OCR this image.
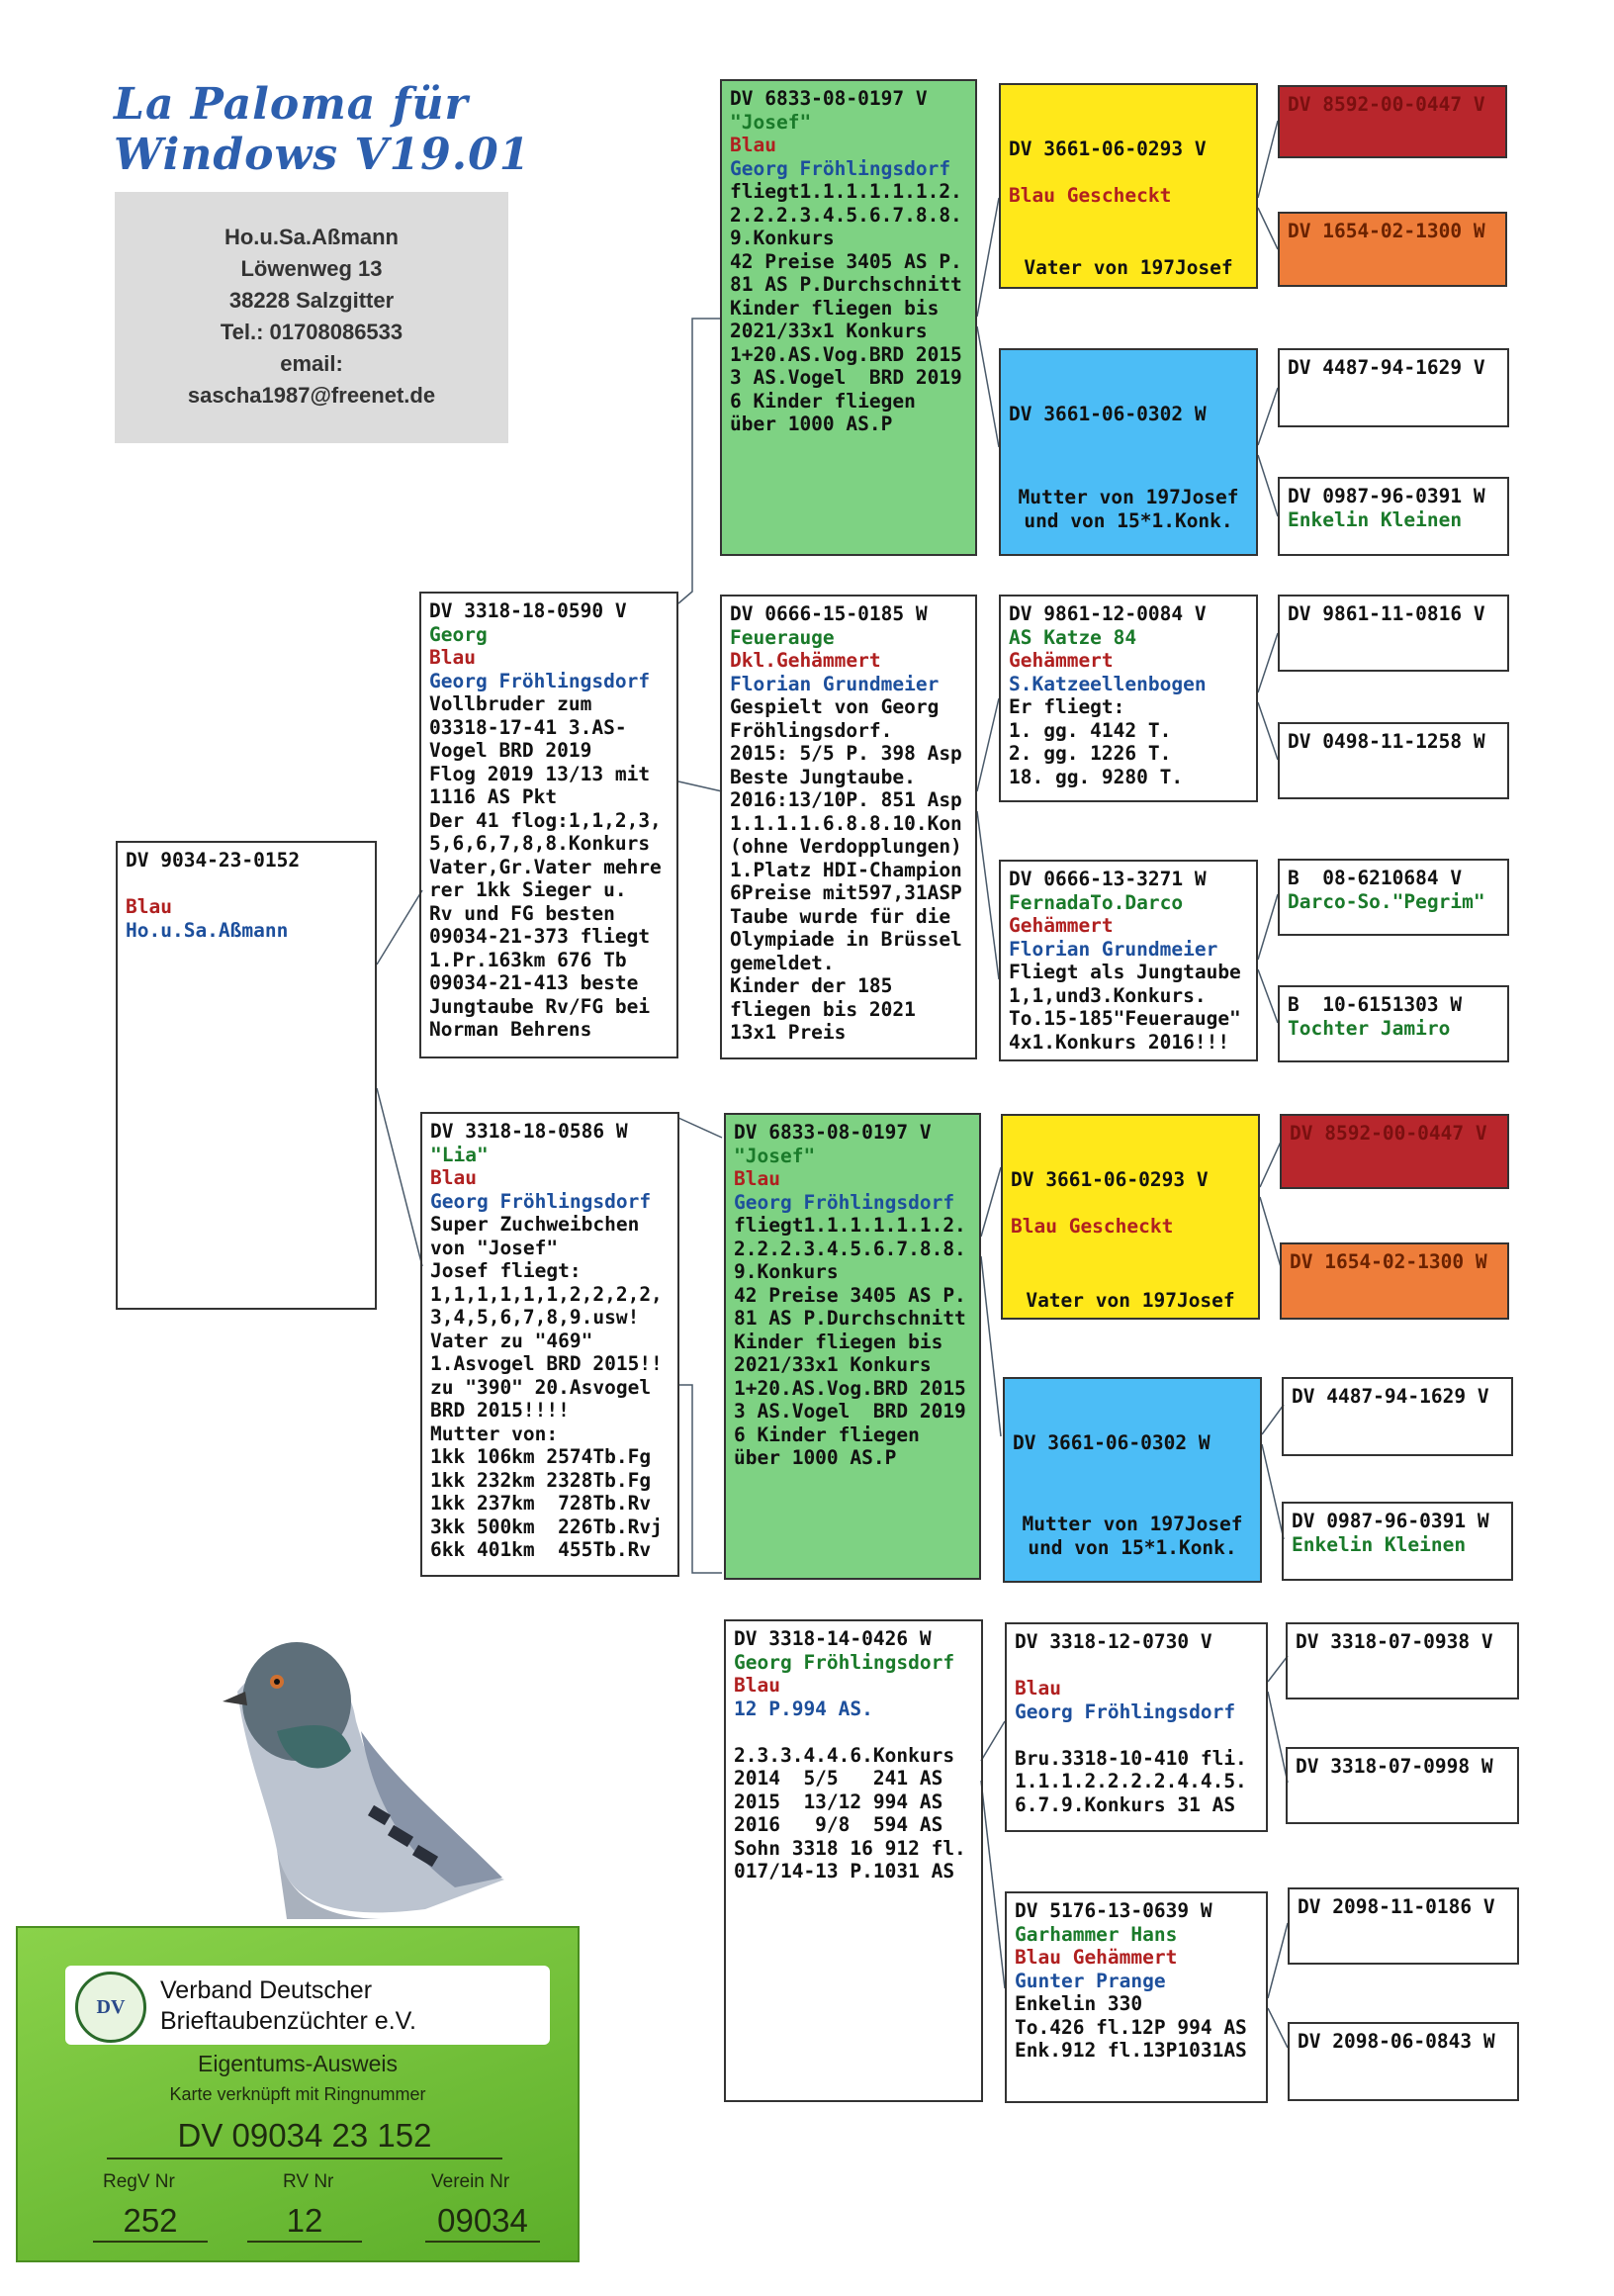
La Paloma für Windows V19.01
Ho.u.Sa.Aßmann
Löwenweg 13
38228 Salzgitter
Tel.: 01708086533
email:
sascha1987@freenet.de
DV 9034-23-0152

Blau
Ho.u.Sa.Aßmann
DV 3318-18-0590 V
Georg
Blau
Georg Fröhlingsdorf
Vollbruder zum
03318-17-41 3.AS-
Vogel BRD 2019
Flog 2019 13/13 mit
1116 AS Pkt
Der 41 flog:1,1,2,3,
5,6,6,7,8,8.Konkurs
Vater,Gr.Vater mehre
rer 1kk Sieger u.
Rv und FG besten
09034-21-373 fliegt
1.Pr.163km 676 Tb
09034-21-413 beste
Jungtaube Rv/FG bei
Norman Behrens
DV 3318-18-0586 W
"Lia"
Blau
Georg Fröhlingsdorf
Super Zuchweibchen
von "Josef"
Josef fliegt:
1,1,1,1,1,1,2,2,2,2,
3,4,5,6,7,8,9.usw!
Vater zu "469"
1.Asvogel BRD 2015!!
zu "390" 20.Asvogel
BRD 2015!!!!
Mutter von:
1kk 106km 2574Tb.Fg
1kk 232km 2328Tb.Fg
1kk 237km  728Tb.Rv
3kk 500km  226Tb.Rvj
6kk 401km  455Tb.Rv
DV 6833-08-0197 V
"Josef"
Blau
Georg Fröhlingsdorf
fliegt1.1.1.1.1.1.2.
2.2.2.3.4.5.6.7.8.8.
9.Konkurs
42 Preise 3405 AS P.
81 AS P.Durchschnitt
Kinder fliegen bis
2021/33x1 Konkurs
1+20.AS.Vog.BRD 2015
3 AS.Vogel  BRD 2019
6 Kinder fliegen
über 1000 AS.P
DV 0666-15-0185 W
Feuerauge
Dkl.Gehämmert
Florian Grundmeier
Gespielt von Georg
Fröhlingsdorf.
2015: 5/5 P. 398 Asp
Beste Jungtaube.
2016:13/10P. 851 Asp
1.1.1.1.6.8.8.10.Kon
(ohne Verdopplungen)
1.Platz HDI-Champion
6Preise mit597,31ASP
Taube wurde für die
Olympiade in Brüssel
gemeldet.
Kinder der 185
fliegen bis 2021
13x1 Preis
DV 6833-08-0197 V
"Josef"
Blau
Georg Fröhlingsdorf
fliegt1.1.1.1.1.1.2.
2.2.2.3.4.5.6.7.8.8.
9.Konkurs
42 Preise 3405 AS P.
81 AS P.Durchschnitt
Kinder fliegen bis
2021/33x1 Konkurs
1+20.AS.Vog.BRD 2015
3 AS.Vogel  BRD 2019
6 Kinder fliegen
über 1000 AS.P
DV 3318-14-0426 W
Georg Fröhlingsdorf
Blau
12 P.994 AS.

2.3.3.4.4.6.Konkurs
2014  5/5   241 AS
2015  13/12 994 AS
2016   9/8  594 AS
Sohn 3318 16 912 fl.
017/14-13 P.1031 AS

DV 3661-06-0293 V

Blau Gescheckt

Vater von 197Josef

DV 3661-06-0302 W

Mutter von 197Josef
und von 15*1.Konk.

DV 9861-12-0084 V
AS Katze 84
Gehämmert
S.Katzeellenbogen
Er fliegt:
1. gg. 4142 T.
2. gg. 1226 T.
18. gg. 9280 T.
DV 0666-13-3271 W
FernadaTo.Darco
Gehämmert
Florian Grundmeier
Fliegt als Jungtaube
1,1,und3.Konkurs.
To.15-185"Feuerauge"
4x1.Konkurs 2016!!!

DV 3661-06-0293 V

Blau Gescheckt

Vater von 197Josef

DV 3661-06-0302 W

Mutter von 197Josef
und von 15*1.Konk.

DV 3318-12-0730 V

Blau
Georg Fröhlingsdorf

Bru.3318-10-410 fli.
1.1.1.2.2.2.2.4.4.5.
6.7.9.Konkurs 31 AS
DV 5176-13-0639 W
Garhammer Hans
Blau Gehämmert
Gunter Prange
Enkelin 330
To.426 fl.12P 994 AS
Enk.912 fl.13P1031AS
DV 8592-00-0447 V
DV 1654-02-1300 W
DV 4487-94-1629 V
DV 0987-96-0391 W
Enkelin Kleinen
DV 9861-11-0816 V
DV 0498-11-1258 W
B  08-6210684 V
Darco-So."Pegrim"
B  10-6151303 W
Tochter Jamiro
DV 8592-00-0447 V
DV 1654-02-1300 W
DV 4487-94-1629 V
DV 0987-96-0391 W
Enkelin Kleinen
DV 3318-07-0938 V
DV 3318-07-0998 W
DV 2098-11-0186 V
DV 2098-06-0843 W
DV
Verband Deutscher
Brieftaubenzüchter e.V.
Eigentums-Ausweis
Karte verknüpft mit Ringnummer
DV 09034 23 152
RegV Nr	RV Nr	Verein Nr
252	12	09034
